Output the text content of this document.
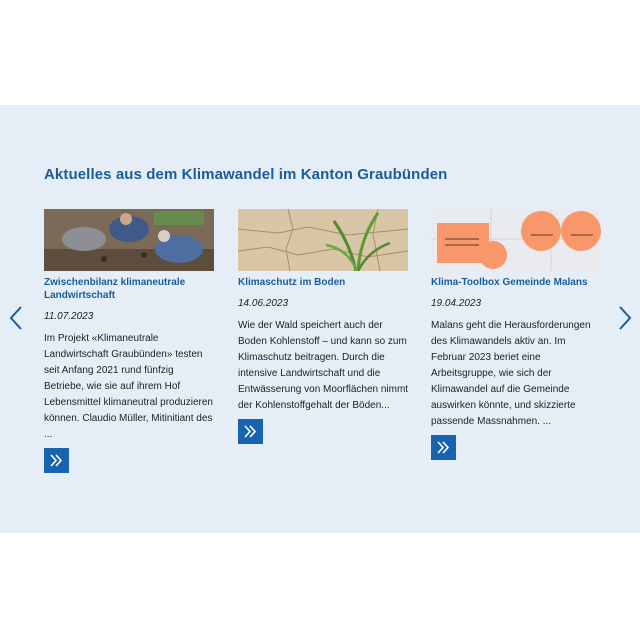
Aktuelles aus dem Klimawandel im Kanton Graubünden
Zwischenbilanz klimaneutrale Landwirtschaft
11.07.2023
Im Projekt «Klimaneutrale Landwirtschaft Graubünden» testen seit Anfang 2021 rund fünfzig Betriebe, wie sie auf ihrem Hof Lebensmittel klimaneutral produzieren können. Claudio Müller, Mitinitiant des ...
Klimaschutz im Boden
14.06.2023
Wie der Wald speichert auch der Boden Kohlenstoff – und kann so zum Klimaschutz beitragen. Durch die intensive Landwirtschaft und die Entwässerung von Moorflächen nimmt der Kohlenstoffgehalt der Böden...
Klima-Toolbox Gemeinde Malans
19.04.2023
Malans geht die Herausforderungen des Klimawandels aktiv an. Im Februar 2023 beriet eine Arbeitsgruppe, wie sich der Klimawandel auf die Gemeinde auswirken könnte, und skizzierte passende Massnahmen. ...
